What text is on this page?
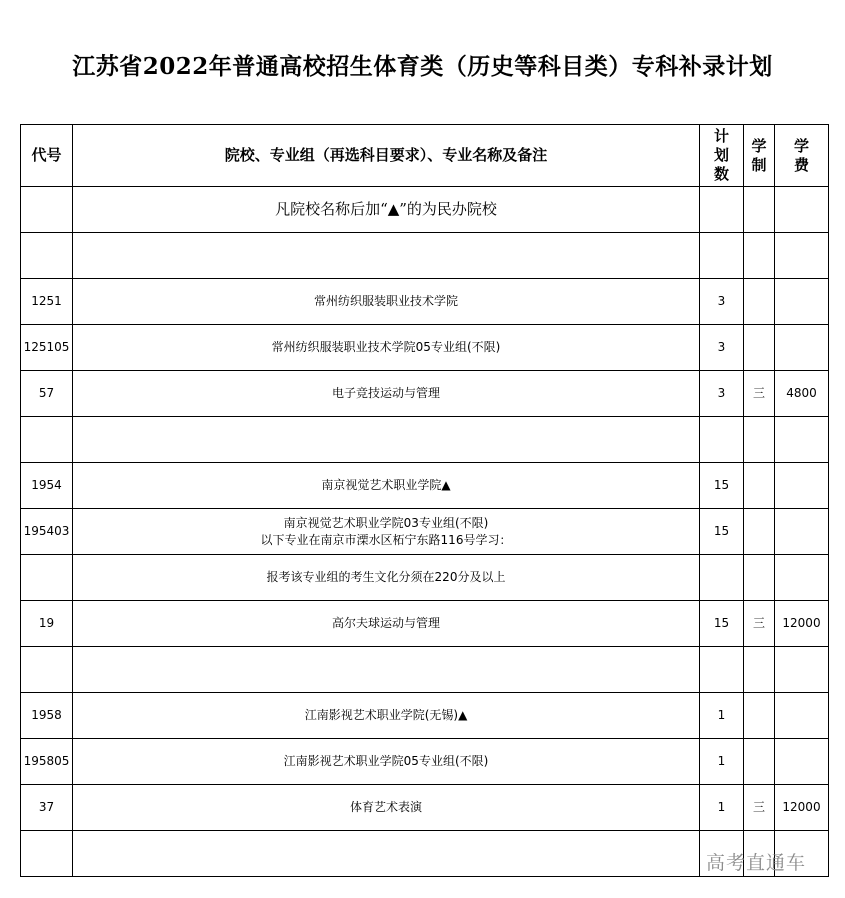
江苏省2022年普通高校招生体育类（历史等科目类）专科补录计划
代号	院校、专业组（再选科目要求）、专业名称及备注	计划数	学制	学费
	凡院校名称后加“▲”的为民办院校			

1251	常州纺织服装职业技术学院	3		
125105	常州纺织服装职业技术学院05专业组(不限)	3		
57	电子竞技运动与管理	3	三	4800

1954	南京视觉艺术职业学院▲	15		
195403	南京视觉艺术职业学院03专业组(不限)
以下专业在南京市溧水区柘宁东路116号学习：	15		
	报考该专业组的考生文化分须在220分及以上			
19	高尔夫球运动与管理	15	三	12000

1958	江南影视艺术职业学院(无锡)▲	1		
195805	江南影视艺术职业学院05专业组(不限)	1		
37	体育艺术表演	1	三	12000

高考直通车
